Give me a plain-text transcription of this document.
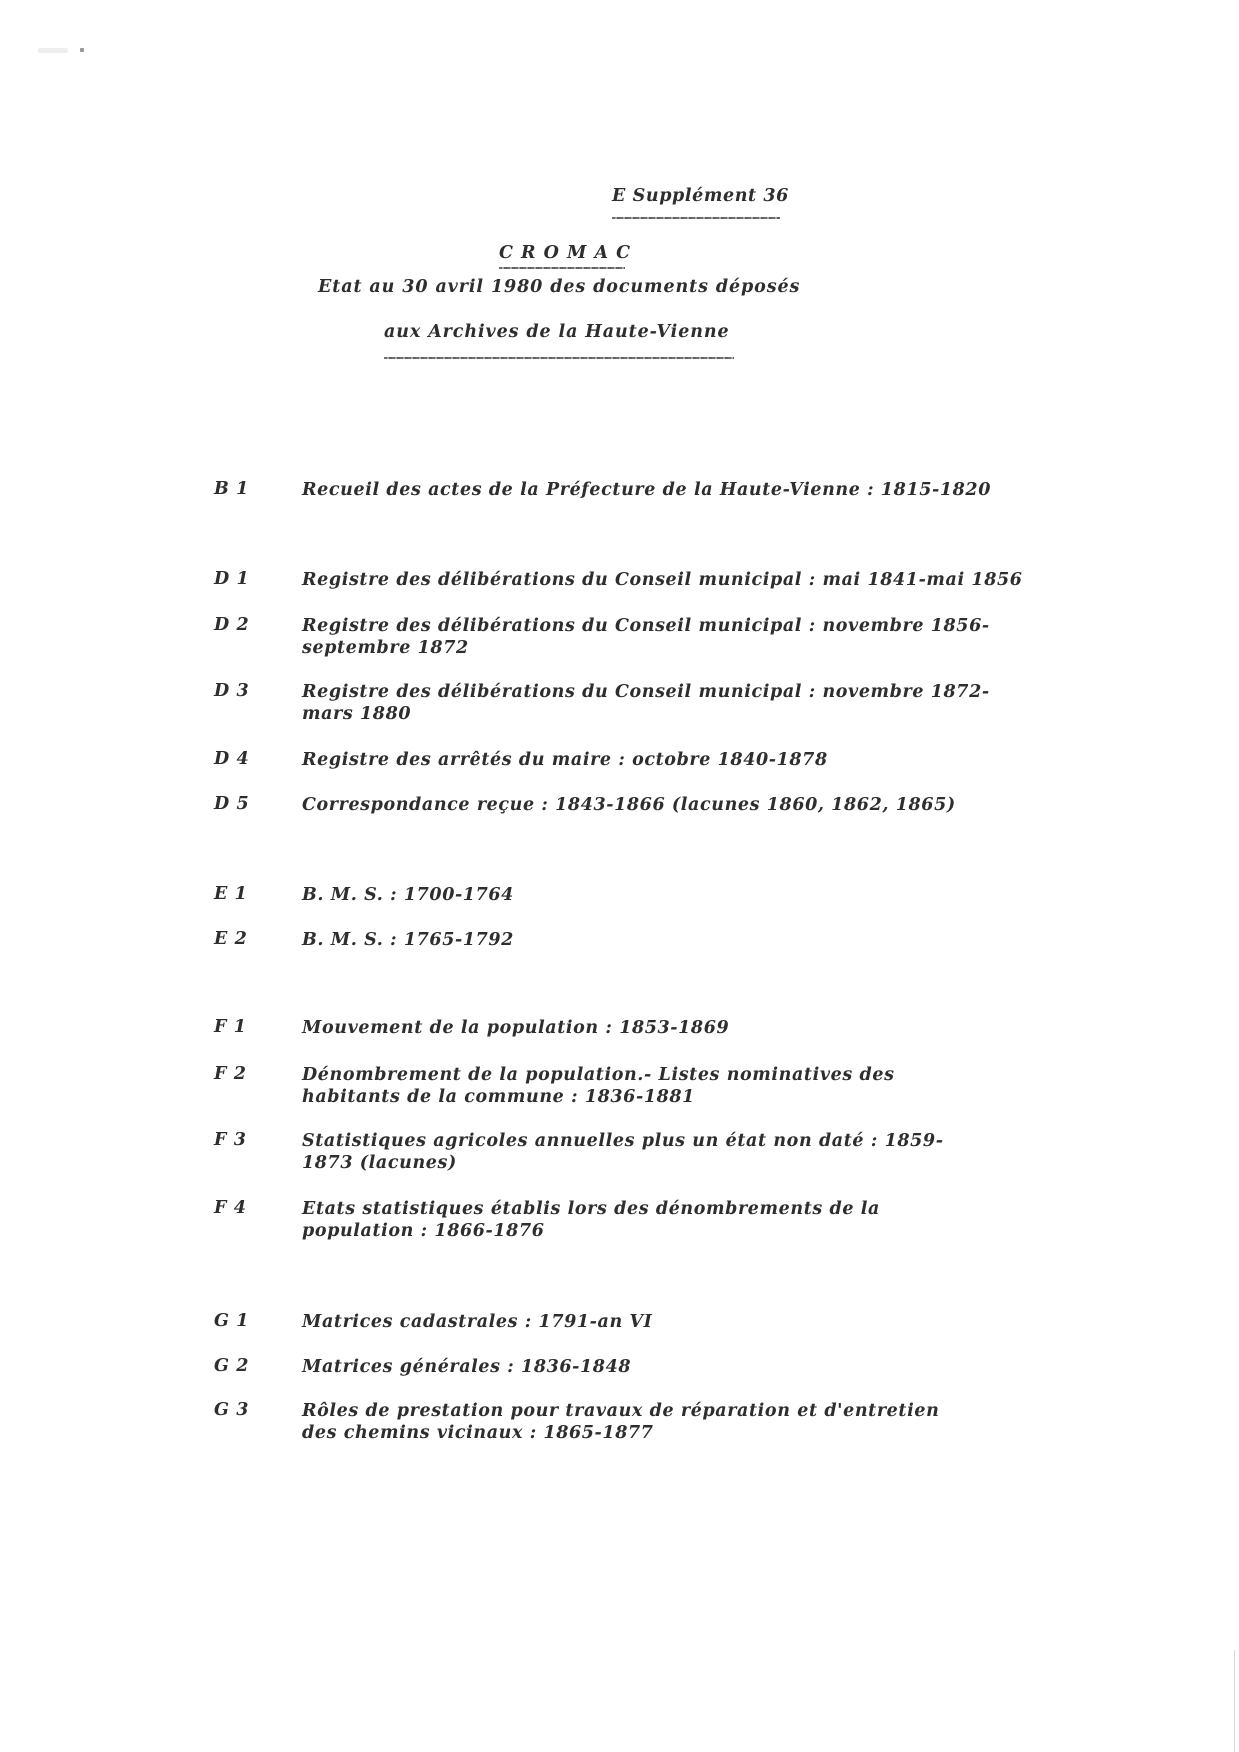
E Supplément 36
C R O M A C
Etat au 30 avril 1980 des documents déposés
aux Archives de la Haute-Vienne
B 1	Recueil des actes de la Préfecture de la Haute-Vienne : 1815-1820
D 1	Registre des délibérations du Conseil municipal : mai 1841-mai 1856
D 2	Registre des délibérations du Conseil municipal : novembre 1856-
septembre 1872
D 3	Registre des délibérations du Conseil municipal : novembre 1872-
mars 1880
D 4	Registre des arrêtés du maire : octobre 1840-1878
D 5	Correspondance reçue : 1843-1866 (lacunes 1860, 1862, 1865)
E 1	B. M. S. : 1700-1764
E 2	B. M. S. : 1765-1792
F 1	Mouvement de la population : 1853-1869
F 2	Dénombrement de la population.- Listes nominatives des
habitants de la commune : 1836-1881
F 3	Statistiques agricoles annuelles plus un état non daté : 1859-
1873 (lacunes)
F 4	Etats statistiques établis lors des dénombrements de la
population : 1866-1876
G 1	Matrices cadastrales : 1791-an VI
G 2	Matrices générales : 1836-1848
G 3	Rôles de prestation pour travaux de réparation et d'entretien
des chemins vicinaux : 1865-1877
